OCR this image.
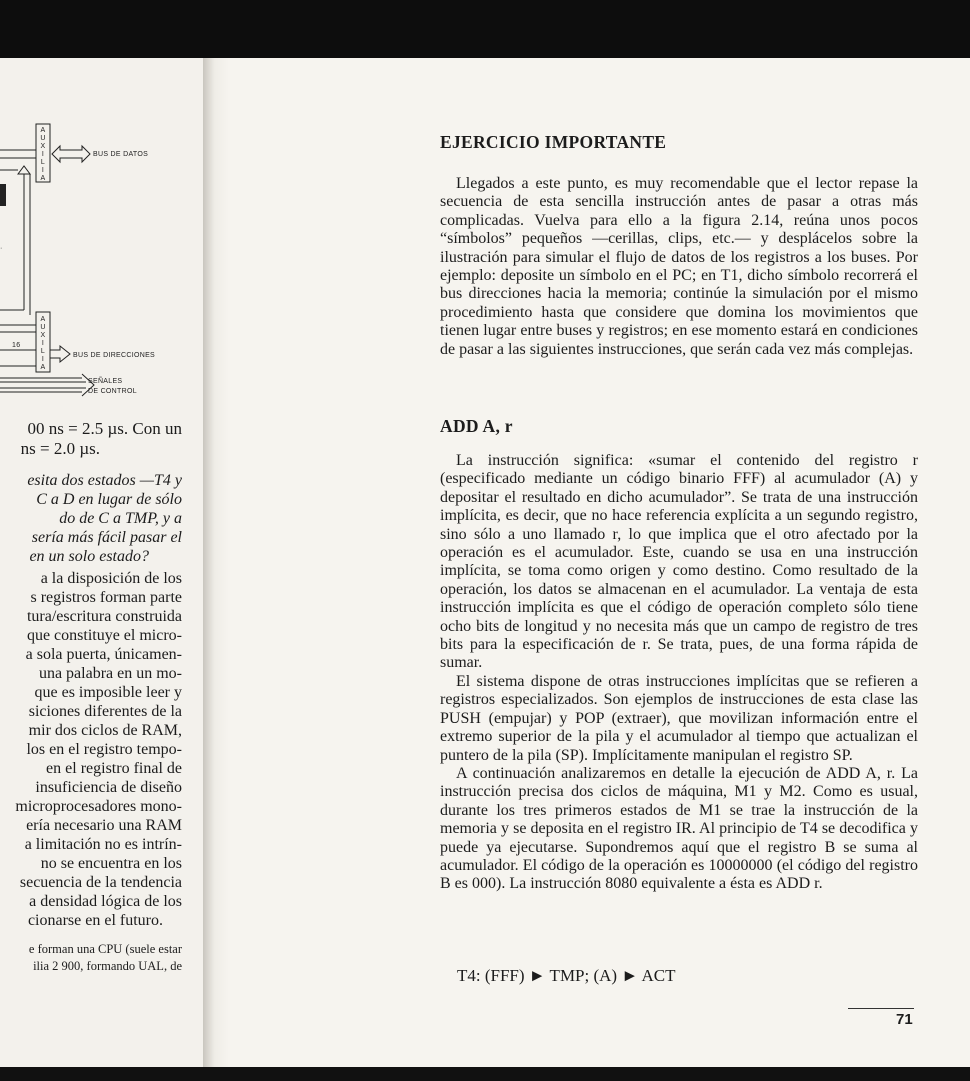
A
U
X
I
L
I
A
BUS DE DATOS
·
A
U
X
I
L
I
A
16
BUS DE DIRECCIONES
SEÑALES
DE CONTROL
00 ns = 2.5 µs. Con un
ns = 2.0 µs.
esita dos estados —T4 y
C a D en lugar de sólo
do de C a TMP, y a
sería más fácil pasar el
en un solo estado?
a la disposición de los
s registros forman parte
tura/escritura construida
que constituye el micro-
a sola puerta, únicamen-
una palabra en un mo-
que es imposible leer y
siciones diferentes de la
mir dos ciclos de RAM,
los en el registro tempo-
en el registro final de
insuficiencia de diseño
microprocesadores mono-
ería necesario una RAM
a limitación no es intrín-
no se encuentra en los
secuencia de la tendencia
a densidad lógica de los
cionarse en el futuro.
e forman una CPU (suele estar
ilia 2 900, formando UAL, de
EJERCICIO IMPORTANTE

Llegados a este punto, es muy recomendable que el lector repase la secuencia de esta sencilla instrucción antes de pasar a otras más complicadas. Vuelva para ello a la figura 2.14, reúna unos pocos “símbolos” pequeños —cerillas, clips, etc.— y desplácelos sobre la ilustración para simular el flujo de datos de los registros a los buses. Por ejemplo: deposite un símbolo en el PC; en T1, dicho símbolo recorrerá el bus direcciones hacia la memoria; continúe la simulación por el mismo procedimiento hasta que considere que domina los movimientos que tienen lugar entre buses y registros; en ese momento estará en condiciones de pasar a las siguientes instrucciones, que serán cada vez más complejas.

ADD A, r

La instrucción significa: «sumar el contenido del registro r (especificado mediante un código binario FFF) al acumulador (A) y depositar el resultado en dicho acumulador”. Se trata de una instrucción implícita, es decir, que no hace referencia explícita a un segundo registro, sino sólo a uno llamado r, lo que implica que el otro afectado por la operación es el acumulador. Este, cuando se usa en una instrucción implícita, se toma como origen y como destino. Como resultado de la operación, los datos se almacenan en el acumulador. La ventaja de esta instrucción implícita es que el código de operación completo sólo tiene ocho bits de longitud y no necesita más que un campo de registro de tres bits para la especificación de r. Se trata, pues, de una forma rápida de sumar.

El sistema dispone de otras instrucciones implícitas que se refieren a registros especializados. Son ejemplos de instrucciones de esta clase las PUSH (empujar) y POP (extraer), que movilizan información entre el extremo superior de la pila y el acumulador al tiempo que actualizan el puntero de la pila (SP). Implícitamente manipulan el registro SP.

A continuación analizaremos en detalle la ejecución de ADD A, r. La instrucción precisa dos ciclos de máquina, M1 y M2. Como es usual, durante los tres primeros estados de M1 se trae la instrucción de la memoria y se deposita en el registro IR. Al principio de T4 se decodifica y puede ya ejecutarse. Supondremos aquí que el registro B se suma al acumulador. El código de la operación es 10000000 (el código del registro B es 000). La instrucción 8080 equivalente a ésta es ADD r.

T4: (FFF) ► TMP; (A) ► ACT
71
